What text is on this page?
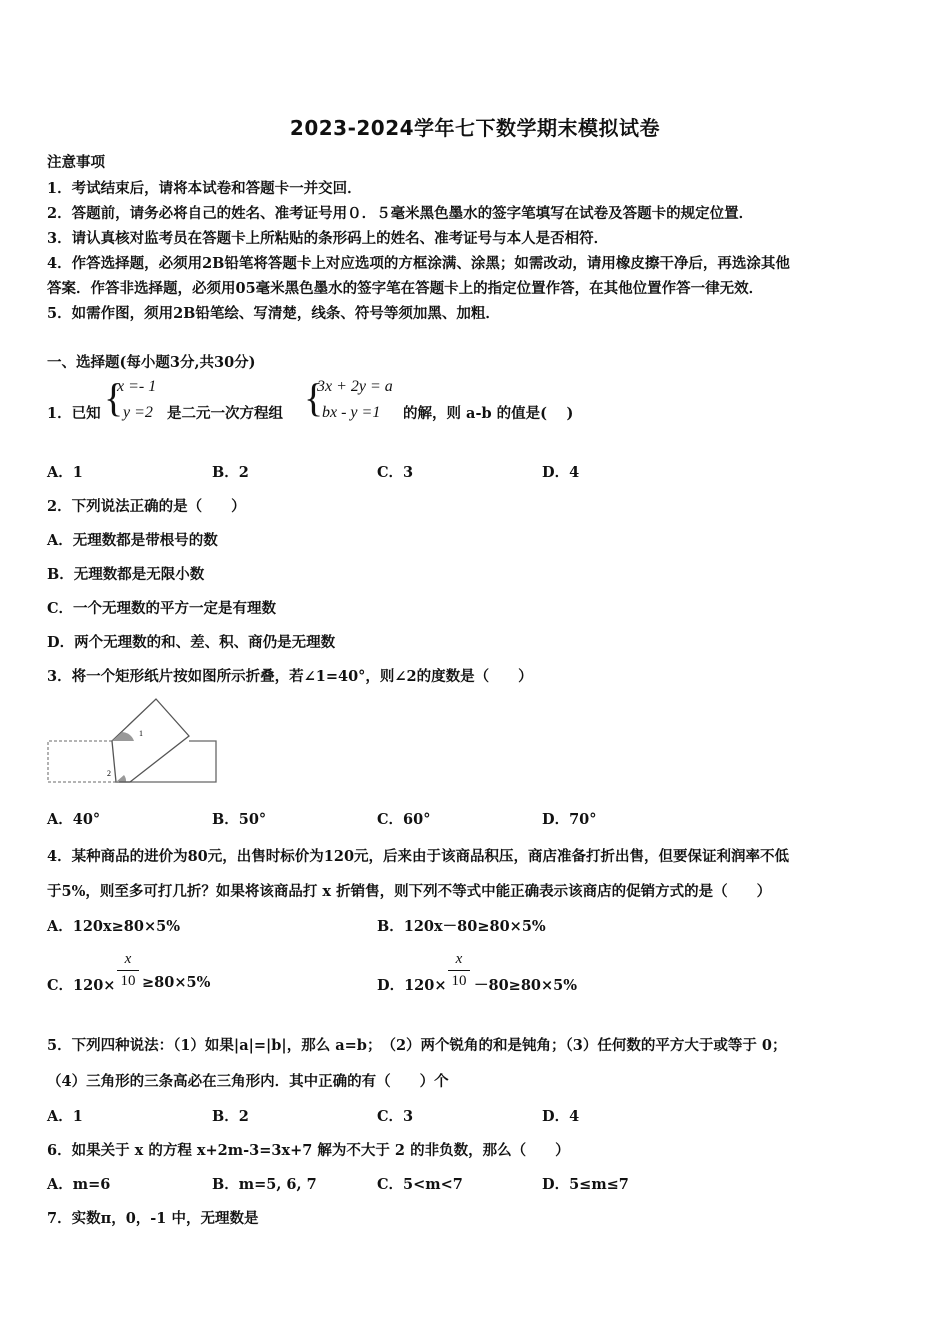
2023-2024学年七下数学期末模拟试卷
注意事项
1．考试结束后，请将本试卷和答题卡一并交回．
2．答题前，请务必将自己的姓名、准考证号用０．５毫米黑色墨水的签字笔填写在试卷及答题卡的规定位置．
3．请认真核对监考员在答题卡上所粘贴的条形码上的姓名、准考证号与本人是否相符．
4．作答选择题，必须用2B铅笔将答题卡上对应选项的方框涂满、涂黑；如需改动，请用橡皮擦干净后，再选涂其他
答案．作答非选择题，必须用05毫米黑色墨水的签字笔在答题卡上的指定位置作答，在其他位置作答一律无效．
5．如需作图，须用2B铅笔绘、写清楚，线条、符号等须加黑、加粗．
一、选择题(每小题3分,共30分)
1．已知 {
x =- 1
y =2 是二元一次方程组 {
3x + 2y = a
bx - y =1 的解，则 a-b 的值是(　 )
A．1	B．2	C．3	D．4
2．下列说法正确的是（　　）
A．无理数都是带根号的数
B．无理数都是无限小数
C．一个无理数的平方一定是有理数
D．两个无理数的和、差、积、商仍是无理数
3．将一个矩形纸片按如图所示折叠，若∠1=40°，则∠2的度数是（　　）
1
2
A．40°	B．50°	C．60°	D．70°
4．某种商品的进价为80元，出售时标价为120元，后来由于该商品积压，商店准备打折出售，但要保证利润率不低
于5%，则至多可打几折？如果将该商品打 x 折销售，则下列不等式中能正确表示该商店的促销方式的是（　　）
A．120x≥80×5%	B．120x－80≥80×5%
C．120×
x
10 ≥80×5%	D．120×
x
10 －80≥80×5%
5．下列四种说法：（1）如果|a|=|b|，那么 a=b；　（2）两个锐角的和是钝角；（3）任何数的平方大于或等于 0；
（4）三角形的三条高必在三角形内．其中正确的有（　　）个
A．1	B．2	C．3	D．4
6．如果关于 x 的方程 x+2m-3=3x+7 解为不大于 2 的非负数，那么（　　）
A．m=6	B．m=5, 6, 7	C．5<m<7	D．5≤m≤7
7．实数π，0，-1 中，无理数是
